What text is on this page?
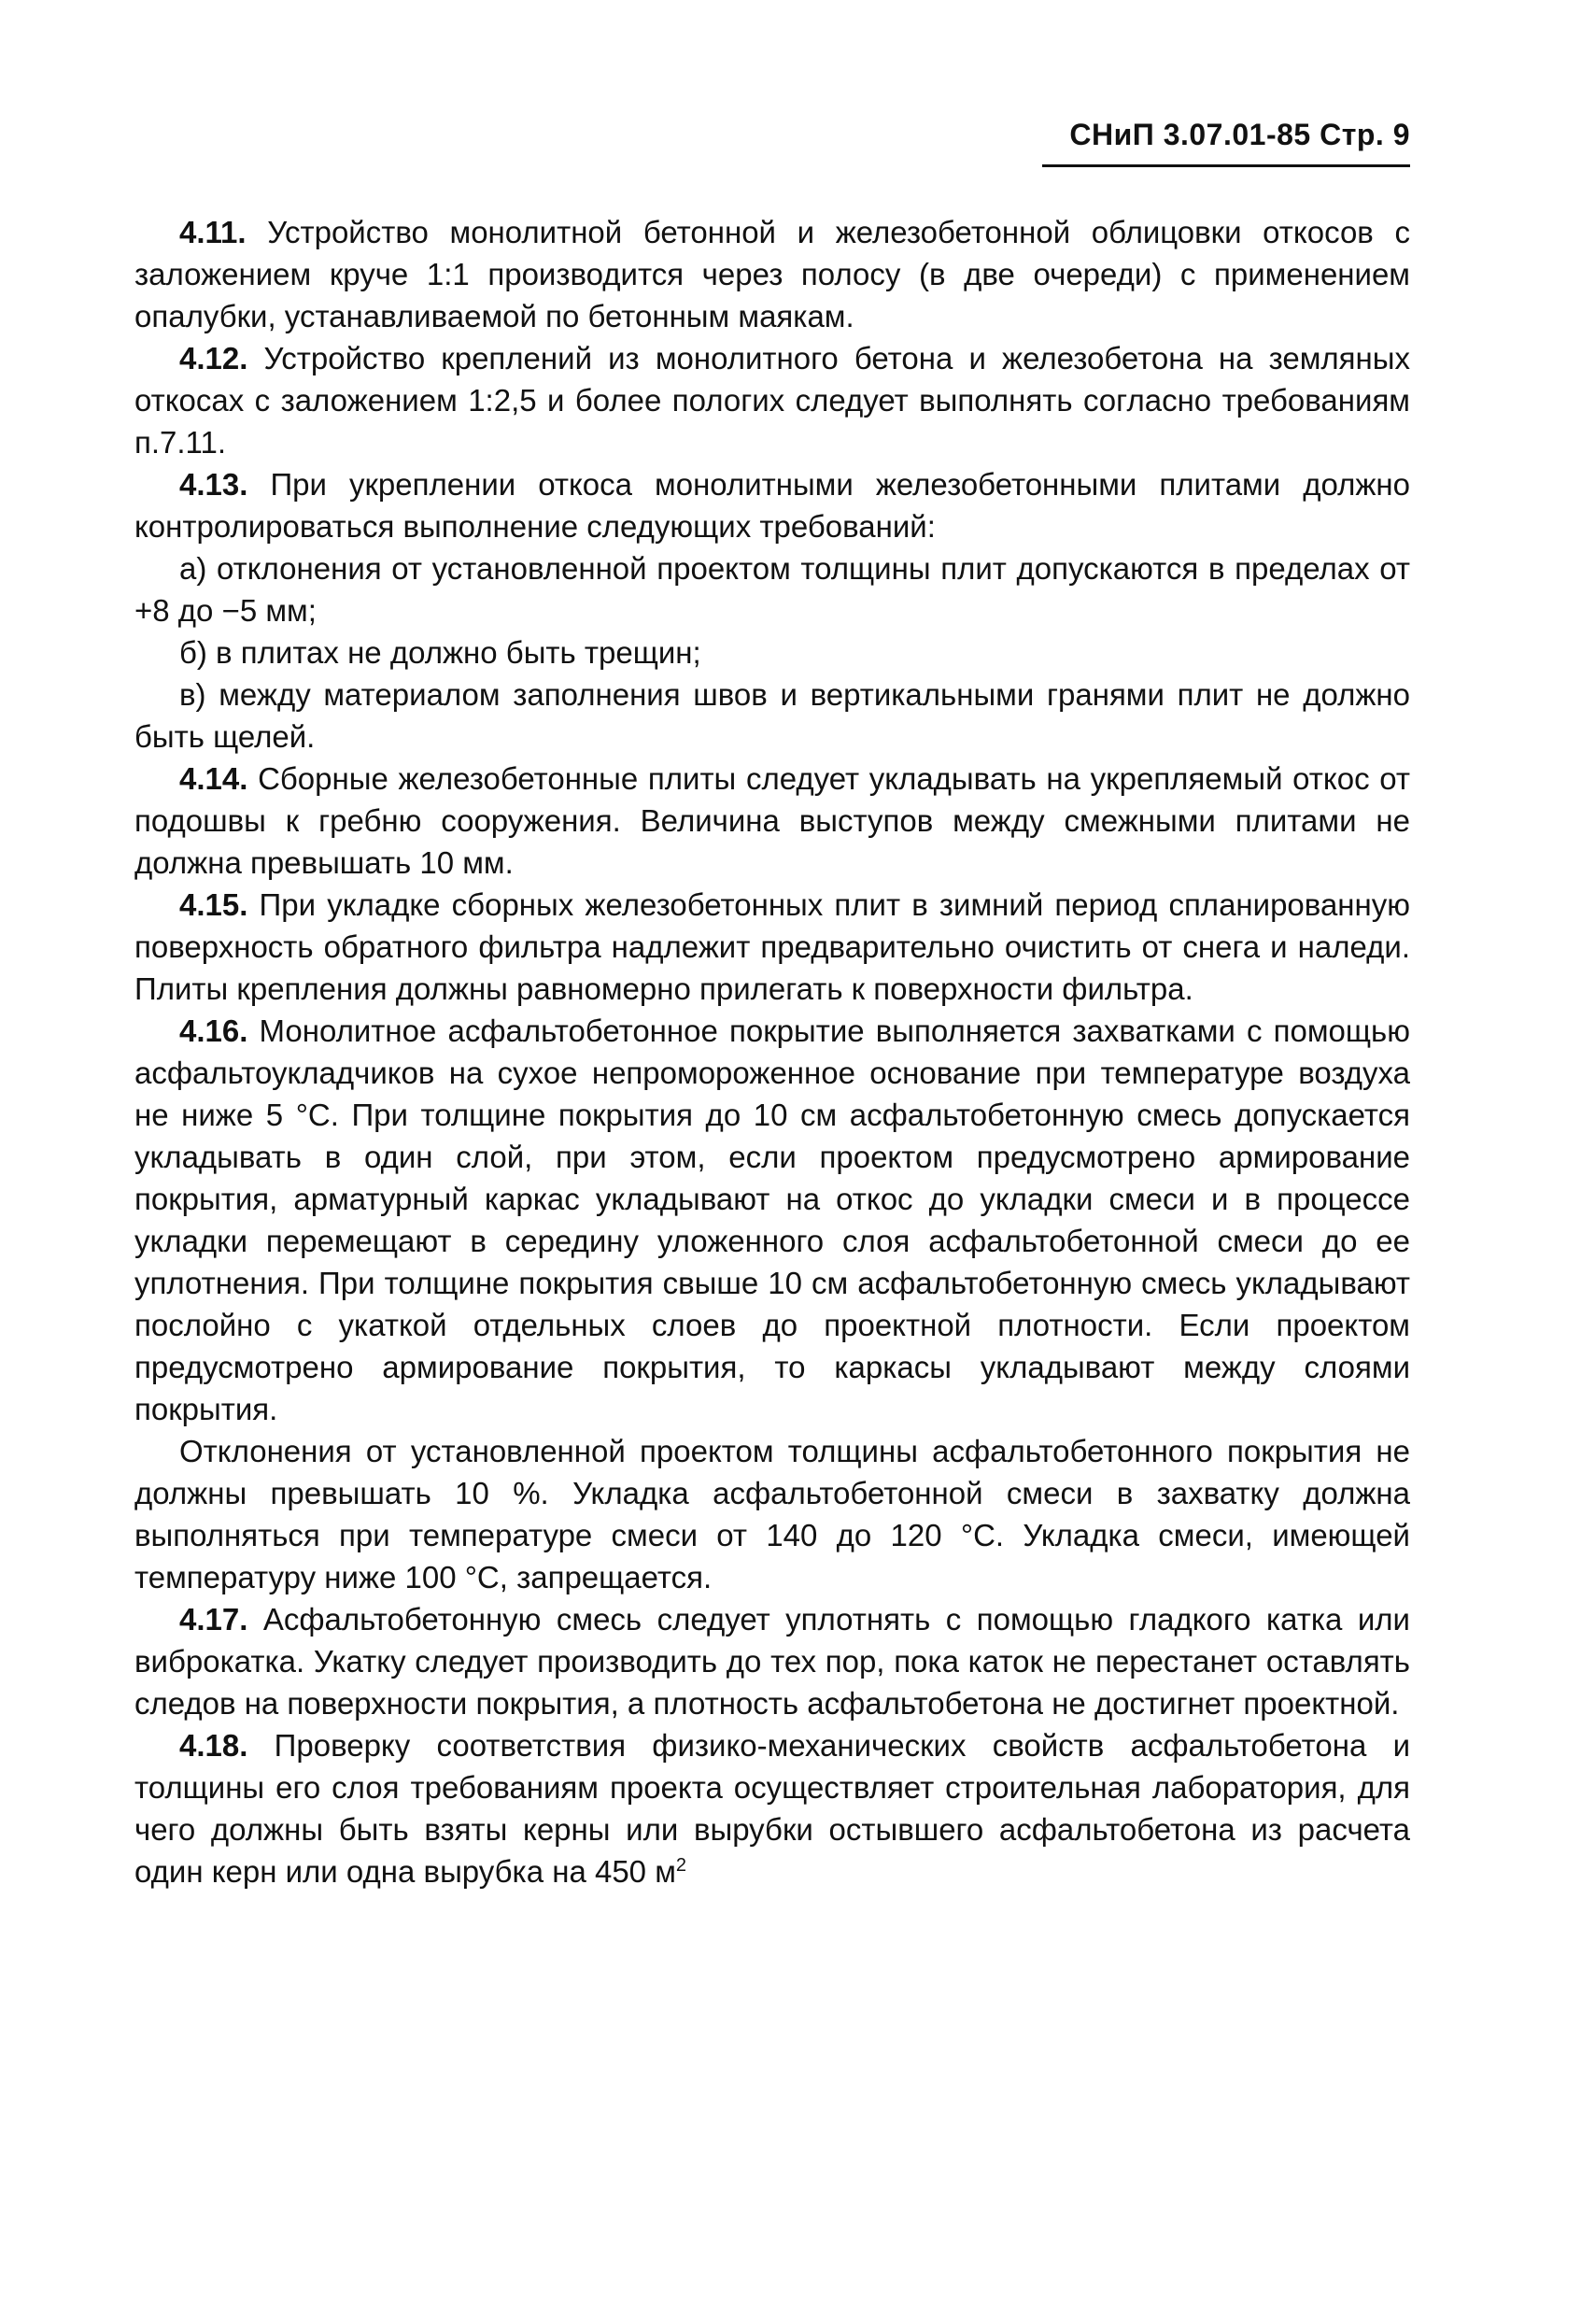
СНиП 3.07.01-85 Стр. 9

4.11. Устройство монолитной бетонной и железобетонной облицовки откосов с заложением круче 1:1 производится через полосу (в две очереди) с применением опалубки, устанавливаемой по бетонным маякам.

4.12. Устройство креплений из монолитного бетона и железобетона на земляных откосах с заложением 1:2,5 и более пологих следует выполнять согласно требованиям п.7.11.

4.13. При укреплении откоса монолитными железобетонными плитами должно контролироваться выполнение следующих требований:

а) отклонения от установленной проектом толщины плит допускаются в пределах от +8 до −5 мм;

б) в плитах не должно быть трещин;

в) между материалом заполнения швов и вертикальными гранями плит не должно быть щелей.

4.14. Сборные железобетонные плиты следует укладывать на укрепляемый откос от подошвы к гребню сооружения. Величина выступов между смежными плитами не должна превышать 10 мм.

4.15. При укладке сборных железобетонных плит в зимний период спланированную поверхность обратного фильтра надлежит предварительно очистить от снега и наледи. Плиты крепления должны равномерно прилегать к поверхности фильтра.

4.16. Монолитное асфальтобетонное покрытие выполняется захватками с помощью асфальтоукладчиков на сухое непромороженное основание при температуре воздуха не ниже 5 °С. При толщине покрытия до 10 см асфальтобетонную смесь допускается укладывать в один слой, при этом, если проектом предусмотрено армирование покрытия, арматурный каркас укладывают на откос до укладки смеси и в процессе укладки перемещают в середину уложенного слоя асфальтобетонной смеси до ее уплотнения. При толщине покрытия свыше 10 см асфальтобетонную смесь укладывают послойно с укаткой отдельных слоев до проектной плотности. Если проектом предусмотрено армирование покрытия, то каркасы укладывают между слоями покрытия.

Отклонения от установленной проектом толщины асфальтобетонного покрытия не должны превышать 10 %. Укладка асфальтобетонной смеси в захватку должна выполняться при температуре смеси от 140 до 120 °С. Укладка смеси, имеющей температуру ниже 100 °С, запрещается.

4.17. Асфальтобетонную смесь следует уплотнять с помощью гладкого катка или виброкатка. Укатку следует производить до тех пор, пока каток не перестанет оставлять следов на поверхности покрытия, а плотность асфальтобетона не достигнет проектной.

4.18. Проверку соответствия физико-механических свойств асфальтобетона и толщины его слоя требованиям проекта осуществляет строительная лаборатория, для чего должны быть взяты керны или вырубки остывшего асфальтобетона из расчета один керн или одна вырубка на 450 $м^2$
